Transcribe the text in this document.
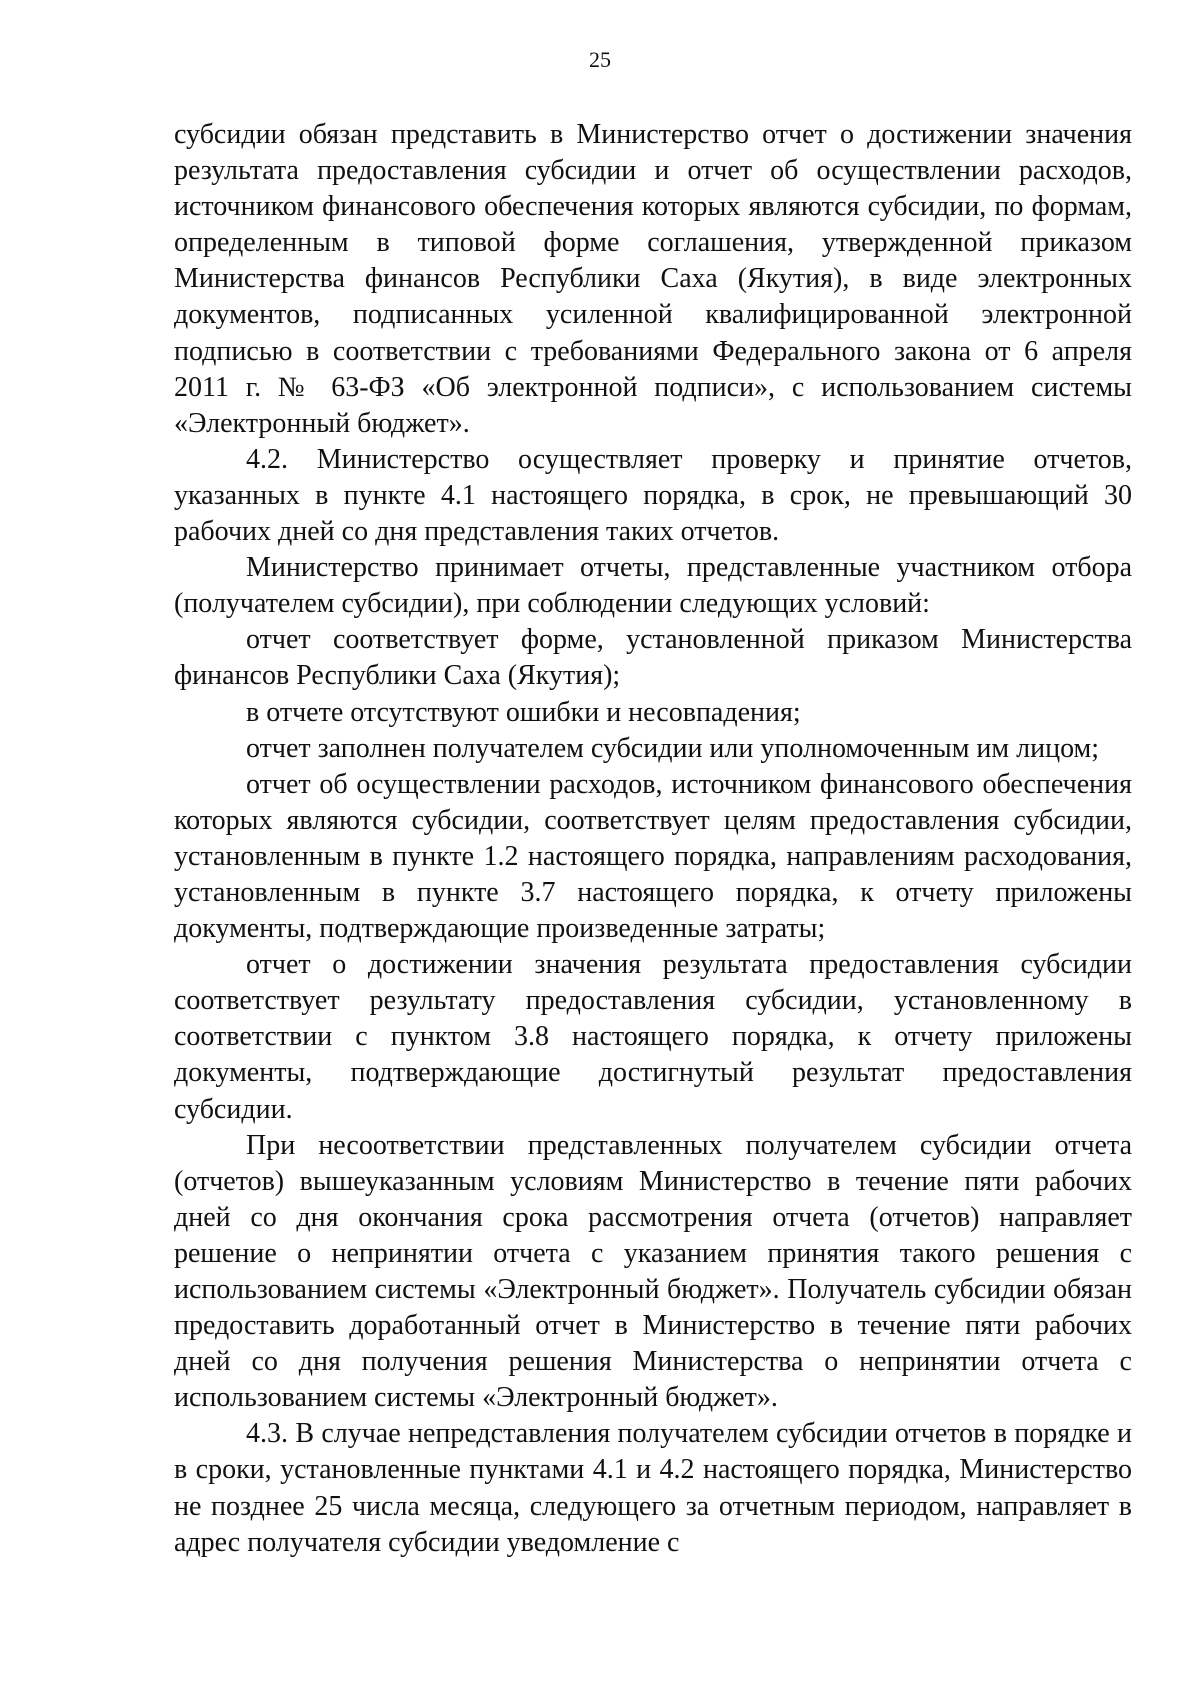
25

субсидии обязан представить в Министерство отчет о достижении значения результата предоставления субсидии и отчет об осуществлении расходов, источником финансового обеспечения которых являются субсидии, по формам, определенным в типовой форме соглашения, утвержденной приказом Министерства финансов Республики Саха (Якутия), в виде электронных документов, подписанных усиленной квалифицированной электронной подписью в соответствии с требованиями Федерального закона от 6 апреля 2011 г. № 63-ФЗ «Об электронной подписи», с использованием системы «Электронный бюджет».

4.2. Министерство осуществляет проверку и принятие отчетов, указанных в пункте 4.1 настоящего порядка, в срок, не превышающий 30 рабочих дней со дня представления таких отчетов.

Министерство принимает отчеты, представленные участником отбора (получателем субсидии), при соблюдении следующих условий:

отчет соответствует форме, установленной приказом Министерства финансов Республики Саха (Якутия);

в отчете отсутствуют ошибки и несовпадения;

отчет заполнен получателем субсидии или уполномоченным им лицом;

отчет об осуществлении расходов, источником финансового обеспечения которых являются субсидии, соответствует целям предоставления субсидии, установленным в пункте 1.2 настоящего порядка, направлениям расходования, установленным в пункте 3.7 настоящего порядка, к отчету приложены документы, подтверждающие произведенные затраты;

отчет о достижении значения результата предоставления субсидии соответствует результату предоставления субсидии, установленному в соответствии с пунктом 3.8 настоящего порядка, к отчету приложены документы, подтверждающие достигнутый результат предоставления субсидии.

При несоответствии представленных получателем субсидии отчета (отчетов) вышеуказанным условиям Министерство в течение пяти рабочих дней со дня окончания срока рассмотрения отчета (отчетов) направляет решение о непринятии отчета с указанием принятия такого решения с использованием системы «Электронный бюджет». Получатель субсидии обязан предоставить доработанный отчет в Министерство в течение пяти рабочих дней со дня получения решения Министерства о непринятии отчета с использованием системы «Электронный бюджет».

4.3. В случае непредставления получателем субсидии отчетов в порядке и в сроки, установленные пунктами 4.1 и 4.2 настоящего порядка, Министерство не позднее 25 числа месяца, следующего за отчетным периодом, направляет в адрес получателя субсидии уведомление с
